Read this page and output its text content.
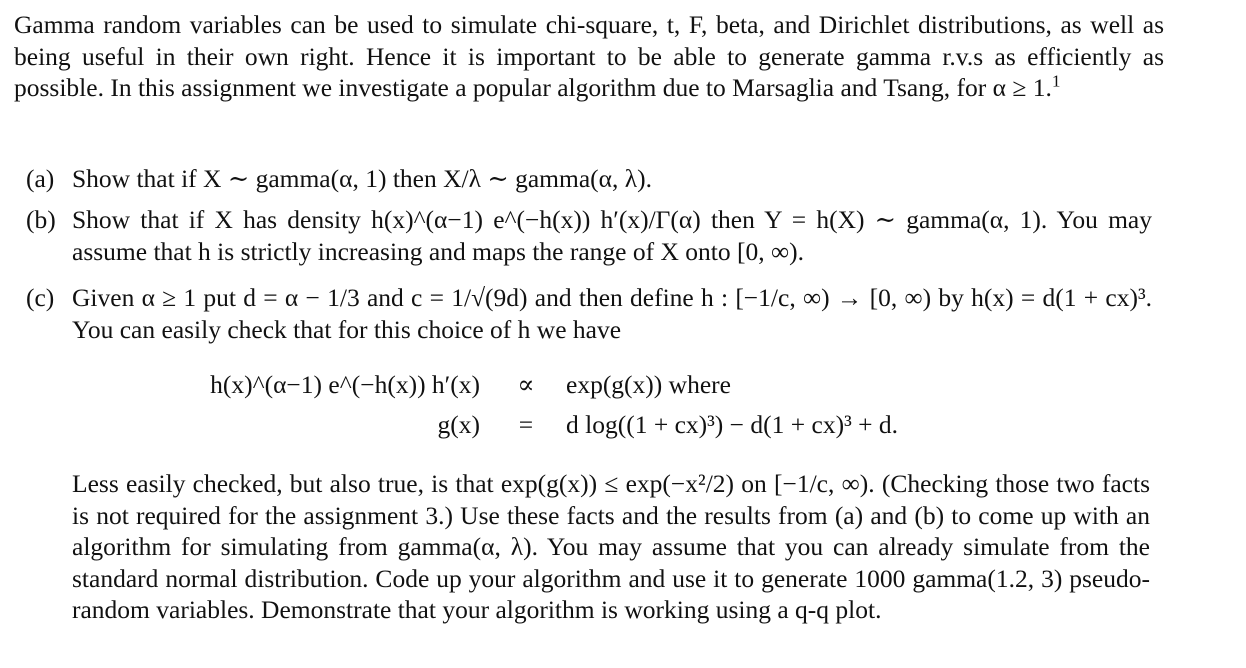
Gamma random variables can be used to simulate chi-square, t, F, beta, and Dirichlet distributions, as well as being useful in their own right. Hence it is important to be able to generate gamma r.v.s as efficiently as possible. In this assignment we investigate a popular algorithm due to Marsaglia and Tsang, for α ≥ 1.$^1$

(a) Show that if X ∼ gamma(α, 1) then X/λ ∼ gamma(α, λ).
(b) Show that if X has density h(x)^(α−1) e^(−h(x)) h′(x)/Γ(α) then Y = h(X) ∼ gamma(α, 1). You may assume that h is strictly increasing and maps the range of X onto [0, ∞).
(c) Given α ≥ 1 put d = α − 1/3 and c = 1/√(9d) and then define h : [−1/c, ∞) → [0, ∞) by h(x) = d(1 + cx)³. You can easily check that for this choice of h we have
h(x)^(α−1) e^(−h(x)) h′(x) ∝ exp(g(x)) where
g(x) = d log((1 + cx)³) − d(1 + cx)³ + d.

Less easily checked, but also true, is that exp(g(x)) ≤ exp(−x²/2) on [−1/c, ∞). (Checking those two facts is not required for the assignment 3.) Use these facts and the results from (a) and (b) to come up with an algorithm for simulating from gamma(α, λ). You may assume that you can already simulate from the standard normal distribution. Code up your algorithm and use it to generate 1000 gamma(1.2, 3) pseudo-random variables. Demonstrate that your algorithm is working using a q-q plot.
